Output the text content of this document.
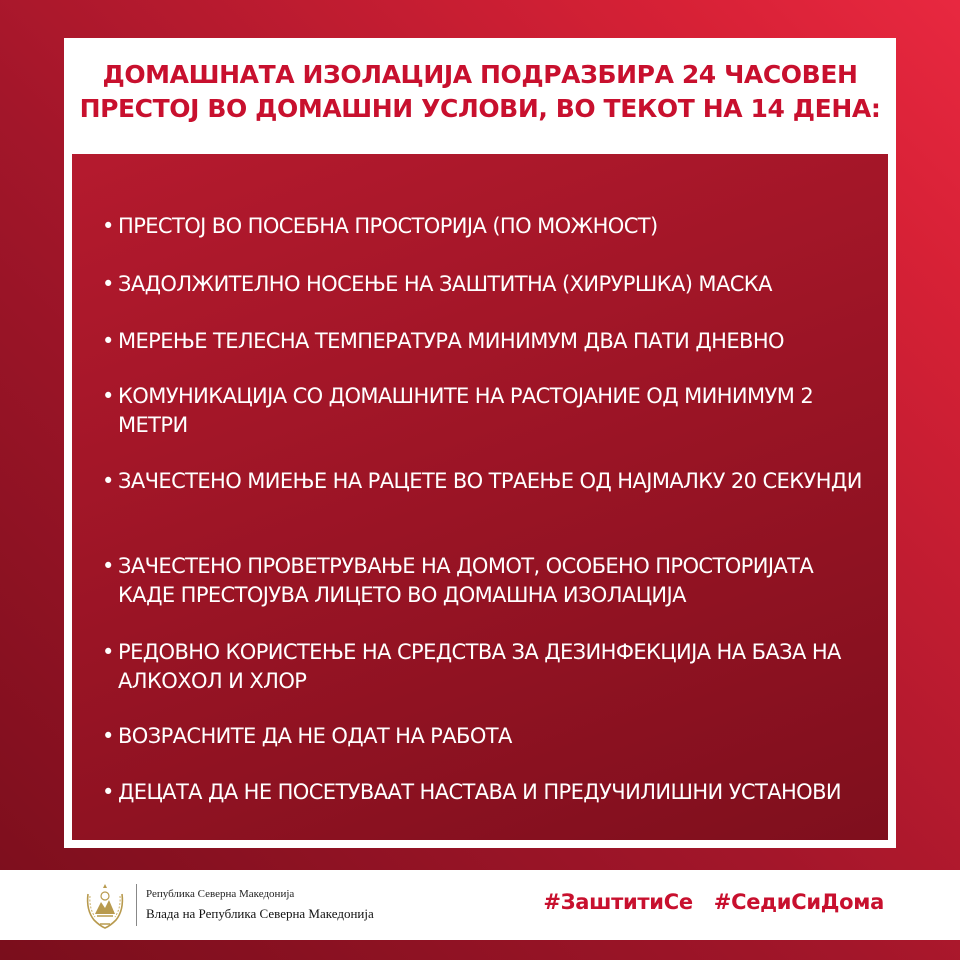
ДОМАШНАТА ИЗОЛАЦИЈА ПОДРАЗБИРА 24 ЧАСОВЕН
ПРЕСТОЈ ВО ДОМАШНИ УСЛОВИ, ВО ТЕКОТ НА 14 ДЕНА:
• ПРЕСТОЈ ВО ПОСЕБНА ПРОСТОРИЈА (ПО МОЖНОСТ)
• ЗАДОЛЖИТЕЛНО НОСЕЊЕ НА ЗАШТИТНА (ХИРУРШКА) МАСКА
• МЕРЕЊЕ ТЕЛЕСНА ТЕМПЕРАТУРА МИНИМУМ ДВА ПАТИ ДНЕВНО
• КОМУНИКАЦИЈА СО ДОМАШНИТЕ НА РАСТОЈАНИЕ ОД МИНИМУМ 2 МЕТРИ
• ЗАЧЕСТЕНО МИЕЊЕ НА РАЦЕТЕ ВО ТРАЕЊЕ ОД НАЈМАЛКУ 20 СЕКУНДИ
• ЗАЧЕСТЕНО ПРОВЕТРУВАЊЕ НА ДОМОТ, ОСОБЕНО ПРОСТОРИЈАТА КАДЕ ПРЕСТОЈУВА ЛИЦЕТО ВО ДОМАШНА ИЗОЛАЦИЈА
• РЕДОВНО КОРИСТЕЊЕ НА СРЕДСТВА ЗА ДЕЗИНФЕКЦИЈА НА БАЗА НА АЛКОХОЛ И ХЛОР
• ВОЗРАСНИТЕ ДА НЕ ОДАТ НА РАБОТА
• ДЕЦАТА ДА НЕ ПОСЕТУВААТ НАСТАВА И ПРЕДУЧИЛИШНИ УСТАНОВИ
Република Северна Македонија
Влада на Република Северна Македонија	#ЗаштитиСе #СедиСиДома
